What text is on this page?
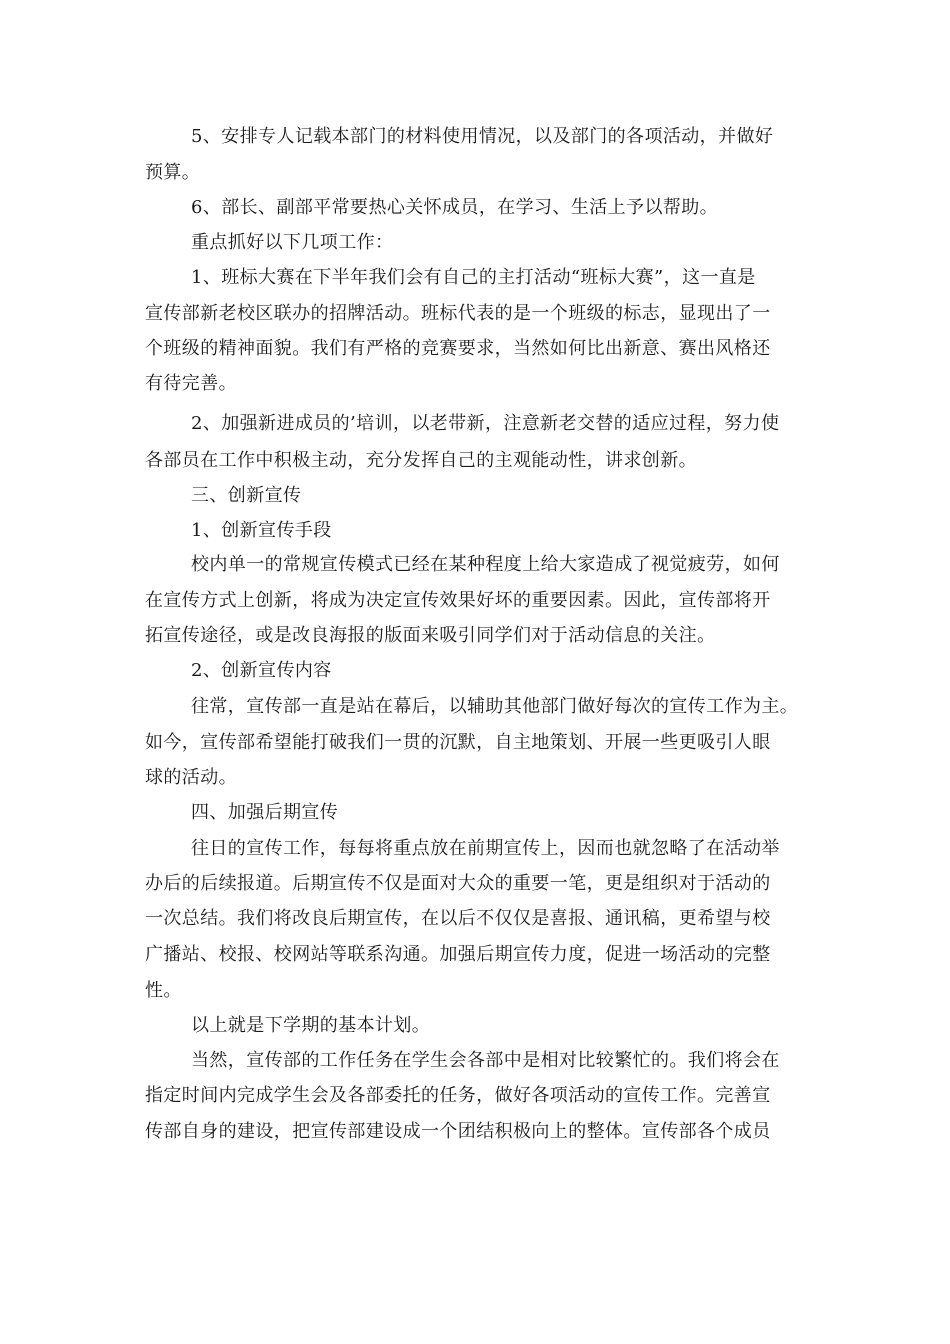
5、安排专人记载本部门的材料使用情况，以及部门的各项活动，并做好

预算。

6、部长、副部平常要热心关怀成员，在学习、生活上予以帮助。

重点抓好以下几项工作：

1、班标大赛在下半年我们会有自己的主打活动“班标大赛”，这一直是

宣传部新老校区联办的招牌活动。班标代表的是一个班级的标志，显现出了一

个班级的精神面貌。我们有严格的竞赛要求，当然如何比出新意、赛出风格还

有待完善。

2、加强新进成员的’培训，以老带新，注意新老交替的适应过程，努力使

各部员在工作中积极主动，充分发挥自己的主观能动性，讲求创新。

三、创新宣传

1、创新宣传手段

校内单一的常规宣传模式已经在某种程度上给大家造成了视觉疲劳，如何

在宣传方式上创新，将成为决定宣传效果好坏的重要因素。因此，宣传部将开

拓宣传途径，或是改良海报的版面来吸引同学们对于活动信息的关注。

2、创新宣传内容

往常，宣传部一直是站在幕后，以辅助其他部门做好每次的宣传工作为主。

如今，宣传部希望能打破我们一贯的沉默，自主地策划、开展一些更吸引人眼

球的活动。

四、加强后期宣传

往日的宣传工作，每每将重点放在前期宣传上，因而也就忽略了在活动举

办后的后续报道。后期宣传不仅是面对大众的重要一笔，更是组织对于活动的

一次总结。我们将改良后期宣传，在以后不仅仅是喜报、通讯稿，更希望与校

广播站、校报、校网站等联系沟通。加强后期宣传力度，促进一场活动的完整

性。

以上就是下学期的基本计划。

当然，宣传部的工作任务在学生会各部中是相对比较繁忙的。我们将会在

指定时间内完成学生会及各部委托的任务，做好各项活动的宣传工作。完善宣

传部自身的建设，把宣传部建设成一个团结积极向上的整体。宣传部各个成员
